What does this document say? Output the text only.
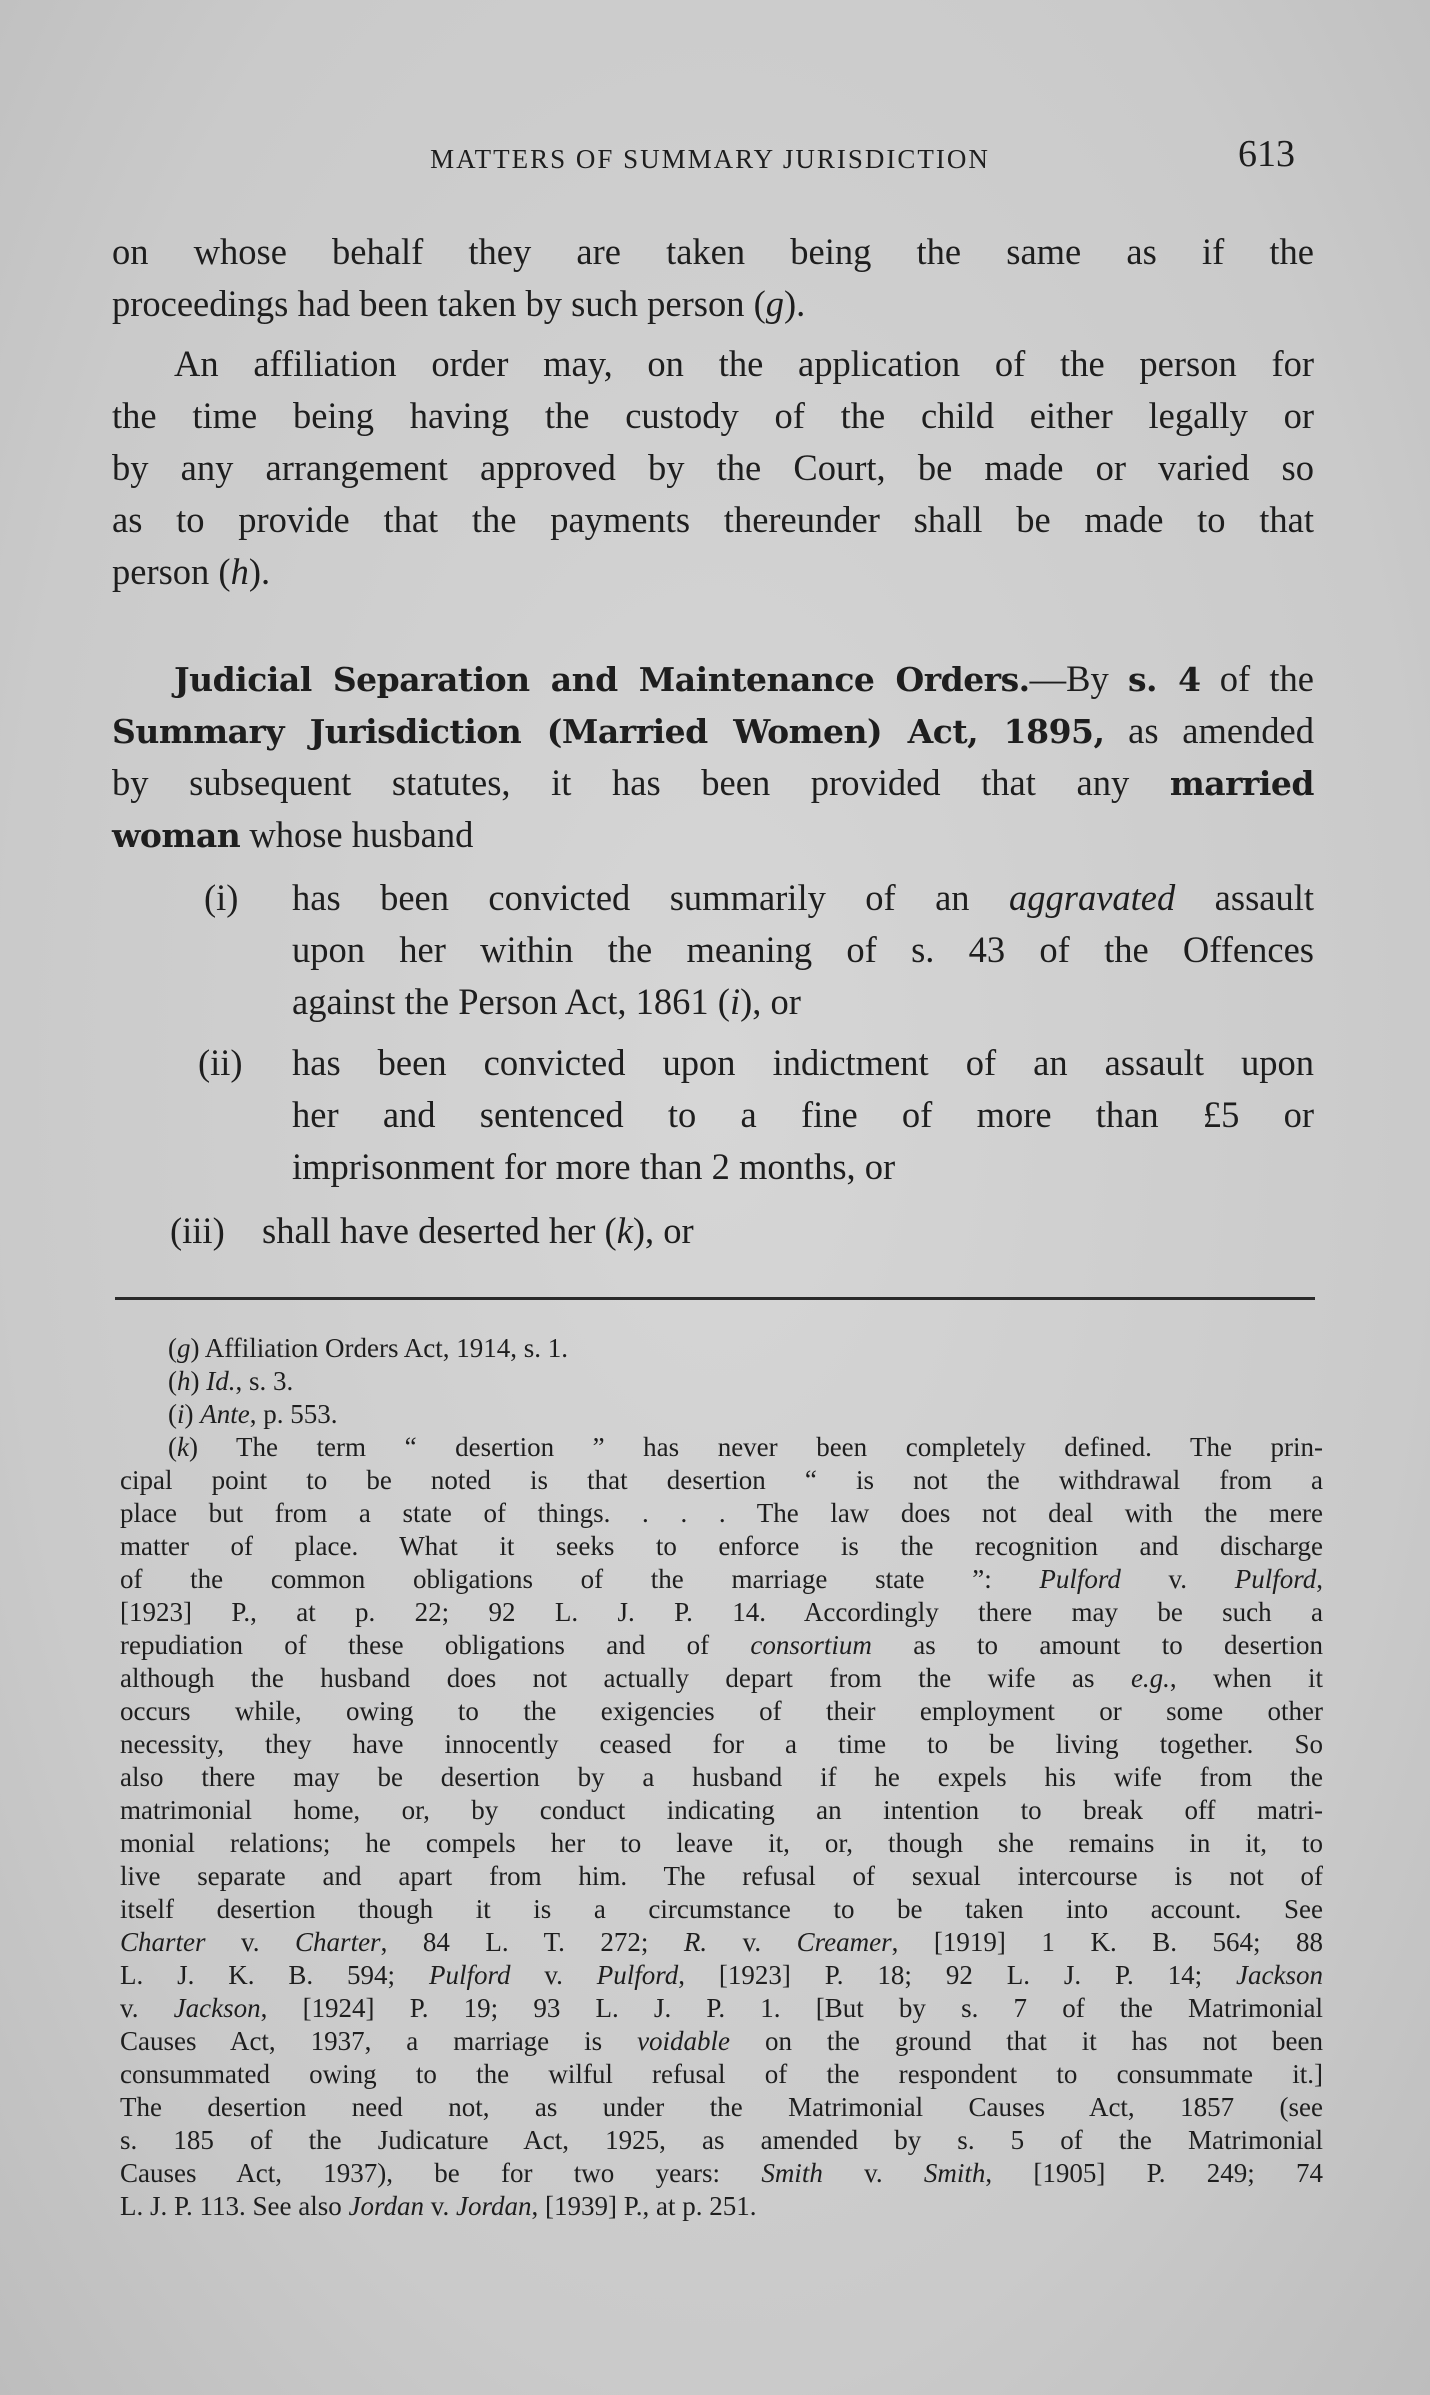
MATTERS OF SUMMARY JURISDICTION	613
on whose behalf they are taken being the same as if the
proceedings had been taken by such person (g).
An affiliation order may, on the application of the person for
the time being having the custody of the child either legally or
by any arrangement approved by the Court, be made or varied so
as to provide that the payments thereunder shall be made to that
person (h).
Judicial Separation and Maintenance Orders.—By s. 4 of the
Summary Jurisdiction (Married Women) Act, 1895, as amended
by subsequent statutes, it has been provided that any married
woman whose husband
(i) has been convicted summarily of an aggravated assault
upon her within the meaning of s. 43 of the Offences
against the Person Act, 1861 (i), or
(ii) has been convicted upon indictment of an assault upon
her and sentenced to a fine of more than £5 or
imprisonment for more than 2 months, or
(iii) shall have deserted her (k), or
(g) Affiliation Orders Act, 1914, s. 1.
(h) Id., s. 3.
(i) Ante, p. 553.
(k) The term “ desertion ” has never been completely defined. The prin-
cipal point to be noted is that desertion “ is not the withdrawal from a
place but from a state of things. . . . The law does not deal with the mere
matter of place. What it seeks to enforce is the recognition and discharge
of the common obligations of the marriage state ”: Pulford v. Pulford,
[1923] P., at p. 22; 92 L. J. P. 14. Accordingly there may be such a
repudiation of these obligations and of consortium as to amount to desertion
although the husband does not actually depart from the wife as e.g., when it
occurs while, owing to the exigencies of their employment or some other
necessity, they have innocently ceased for a time to be living together. So
also there may be desertion by a husband if he expels his wife from the
matrimonial home, or, by conduct indicating an intention to break off matri-
monial relations; he compels her to leave it, or, though she remains in it, to
live separate and apart from him. The refusal of sexual intercourse is not of
itself desertion though it is a circumstance to be taken into account. See
Charter v. Charter, 84 L. T. 272; R. v. Creamer, [1919] 1 K. B. 564; 88
L. J. K. B. 594; Pulford v. Pulford, [1923] P. 18; 92 L. J. P. 14; Jackson
v. Jackson, [1924] P. 19; 93 L. J. P. 1. [But by s. 7 of the Matrimonial
Causes Act, 1937, a marriage is voidable on the ground that it has not been
consummated owing to the wilful refusal of the respondent to consummate it.]
The desertion need not, as under the Matrimonial Causes Act, 1857 (see
s. 185 of the Judicature Act, 1925, as amended by s. 5 of the Matrimonial
Causes Act, 1937), be for two years: Smith v. Smith, [1905] P. 249; 74
L. J. P. 113. See also Jordan v. Jordan, [1939] P., at p. 251.
